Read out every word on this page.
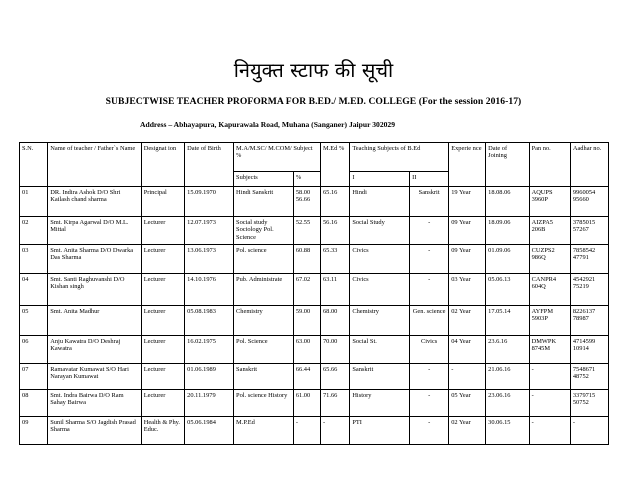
नियुक्त स्टाफ की सूची
SUBJECTWISE TEACHER PROFORMA FOR B.ED./ M.ED. COLLEGE (For the session 2016-17)
Address – Abhayapura, Kapurawala Road, Muhana (Sanganer) Jaipur 302029
S.N.	Name of teacher / Father`s Name	Designat ion	Date of Birth	M.A/M.SC/ M.COM/ Subject %		M.Ed %	Teaching Subjects of B.Ed		Experie nce	Date of Joining	Pan no.	Aadhar no.
				Subjects	%		I	II				
01	DR. Indira Ashok D/O Shri Kailash chand sharma	Principal	15.09.1970	Hindi Sanskrit	58.00 56.66	65.16	Hindi	Sanskrit	19 Year	18.08.06	AQUPS 3960P	9960054 95660
02	Smt. Kirpa Agarwal D/O M.L. Mittal	Lecturer	12.07.1973	Social study Sociology Pol. Science	52.55	56.16	Social Study	-	09 Year	18.09.06	AIZPA5 206B	3785015 57267
03	Smt. Anita Sharma D/O Dwarka Das Sharma	Lecturer	13.06.1973	Pol. science	60.88	65.33	Civics	-	09 Year	01.09.06	CUZPS2 986Q	7858542 47791
04	Smt. Santi Raghuvanshi D/O Kishan singh	Lecturer	14.10.1976	Pub. Administrate	67.02	63.11	Civics	-	03 Year	05.06.13	CANPR4 604Q	4542921 75219
05	Smt. Anita Madhur	Lecturer	05.08.1983	Chemistry	59.00	68.00	Chemistry	Gen. science	02 Year	17.05.14	AYFPM 5903P	8226137 78987
06	Anju Kawatra D/O Deshraj Kawatra	Lecturer	16.02.1975	Pol. Science	63.00	70.00	Social St.	Civics	04 Year	23.6.16	DMWPK 8745M	4714599 10914
07	Ramavatar Kumawat S/O Hari Narayan Kumawat	Lecturer	01.06.1989	Sanskrit	66.44	65.66	Sanskrit	-	-	21.06.16	-	7548671 48752
08	Smt. Indra Bairwa D/O Ram Sahay Bairwa	Lecturer	20.11.1979	Pol. science History	61.00	71.66	History	-	05 Year	23.06.16	-	3379715 50752
09	Sunil Sharma S/O Jagdish Prasad Sharma	Health & Phy. Educ.	05.06.1984	M.P.Ed	-	-	PTI	-	02 Year	30.06.15	-	-
